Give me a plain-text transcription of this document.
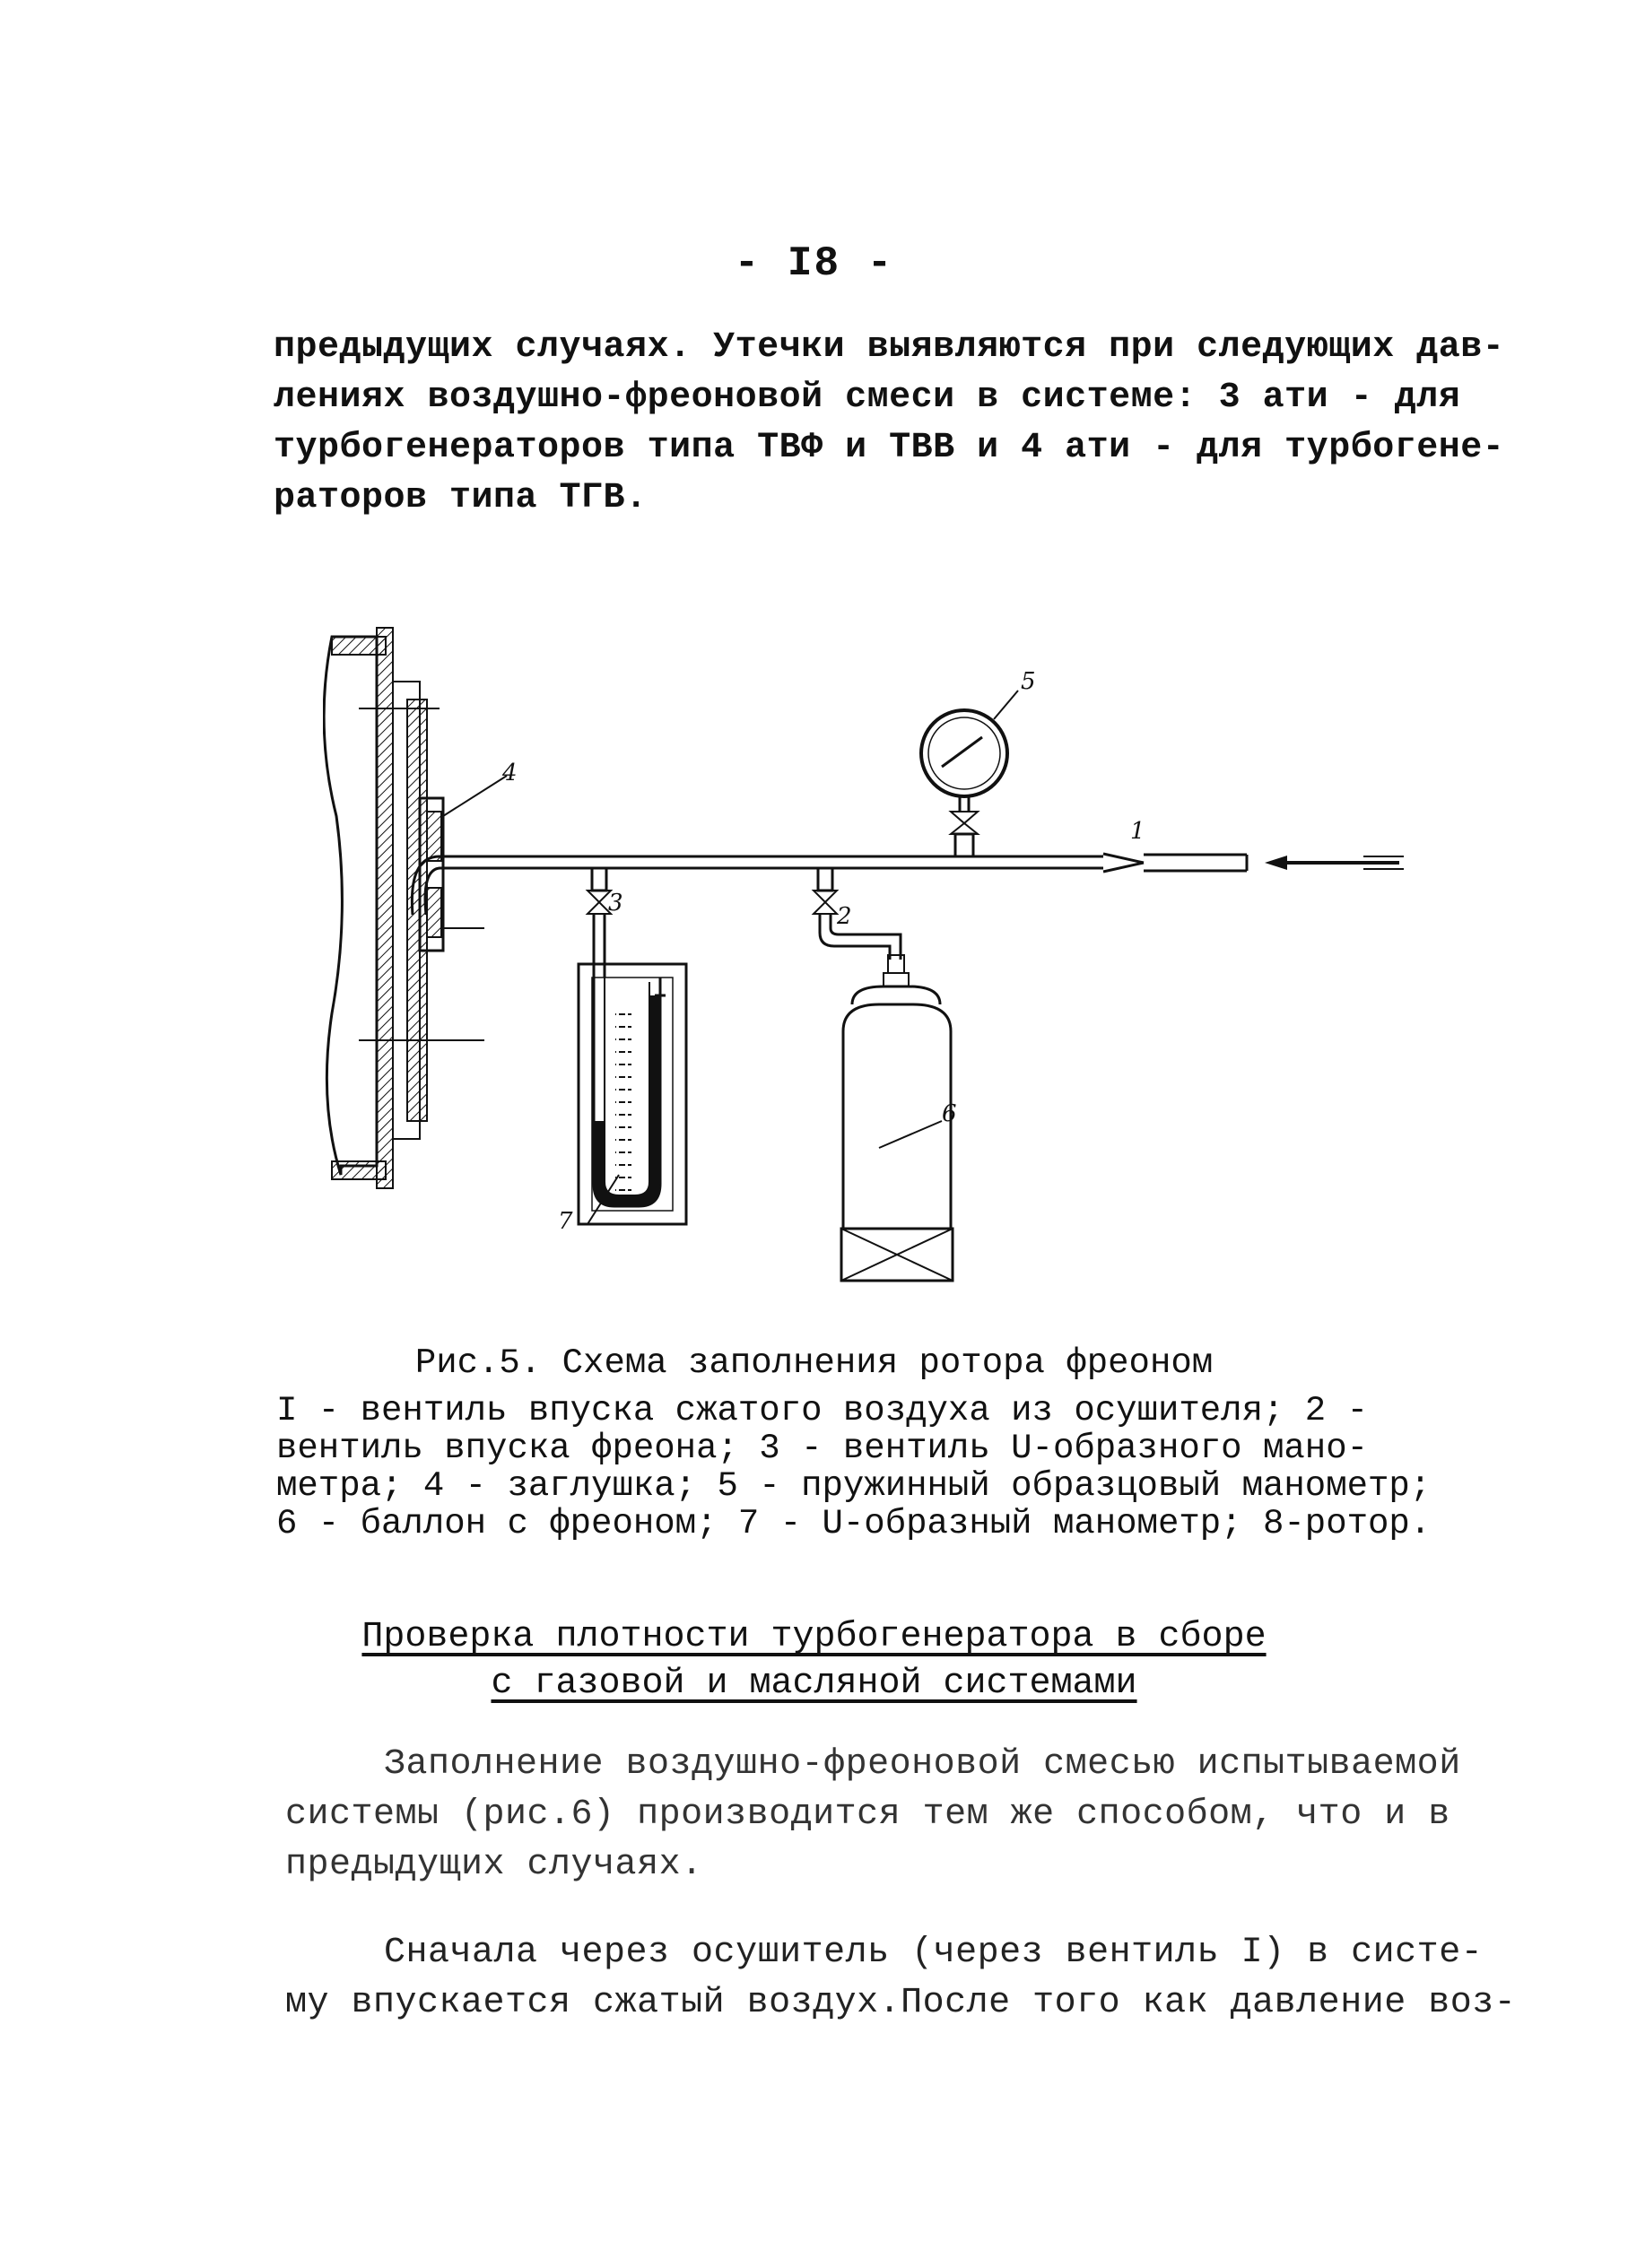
- I8 -

предыдущих случаях. Утечки выявляются при следующих дав-
лениях воздушно-фреоновой смеси в системе: 3 ати - для
турбогенераторов типа ТВФ и ТВВ и 4 ати - для турбогене-
раторов типа ТГВ.

4
1
5
3
7
2
6
Рис.5. Схема заполнения ротора фреоном
I - вентиль впуска сжатого воздуха из осушителя; 2 -
вентиль впуска фреона; 3 - вентиль U-образного мано-
метра; 4 - заглушка; 5 - пружинный образцовый манометр;
6 - баллон с фреоном; 7 - U-образный манометр; 8-ротор.
Проверка плотности турбогенератора в сборе
с газовой и масляной системами

Заполнение воздушно-фреоновой смесью испытываемой
системы (рис.6) производится тем же способом, что и в
предыдущих случаях.

Сначала через осушитель (через вентиль I) в систе-
му впускается сжатый воздух.После того как давление воз-
